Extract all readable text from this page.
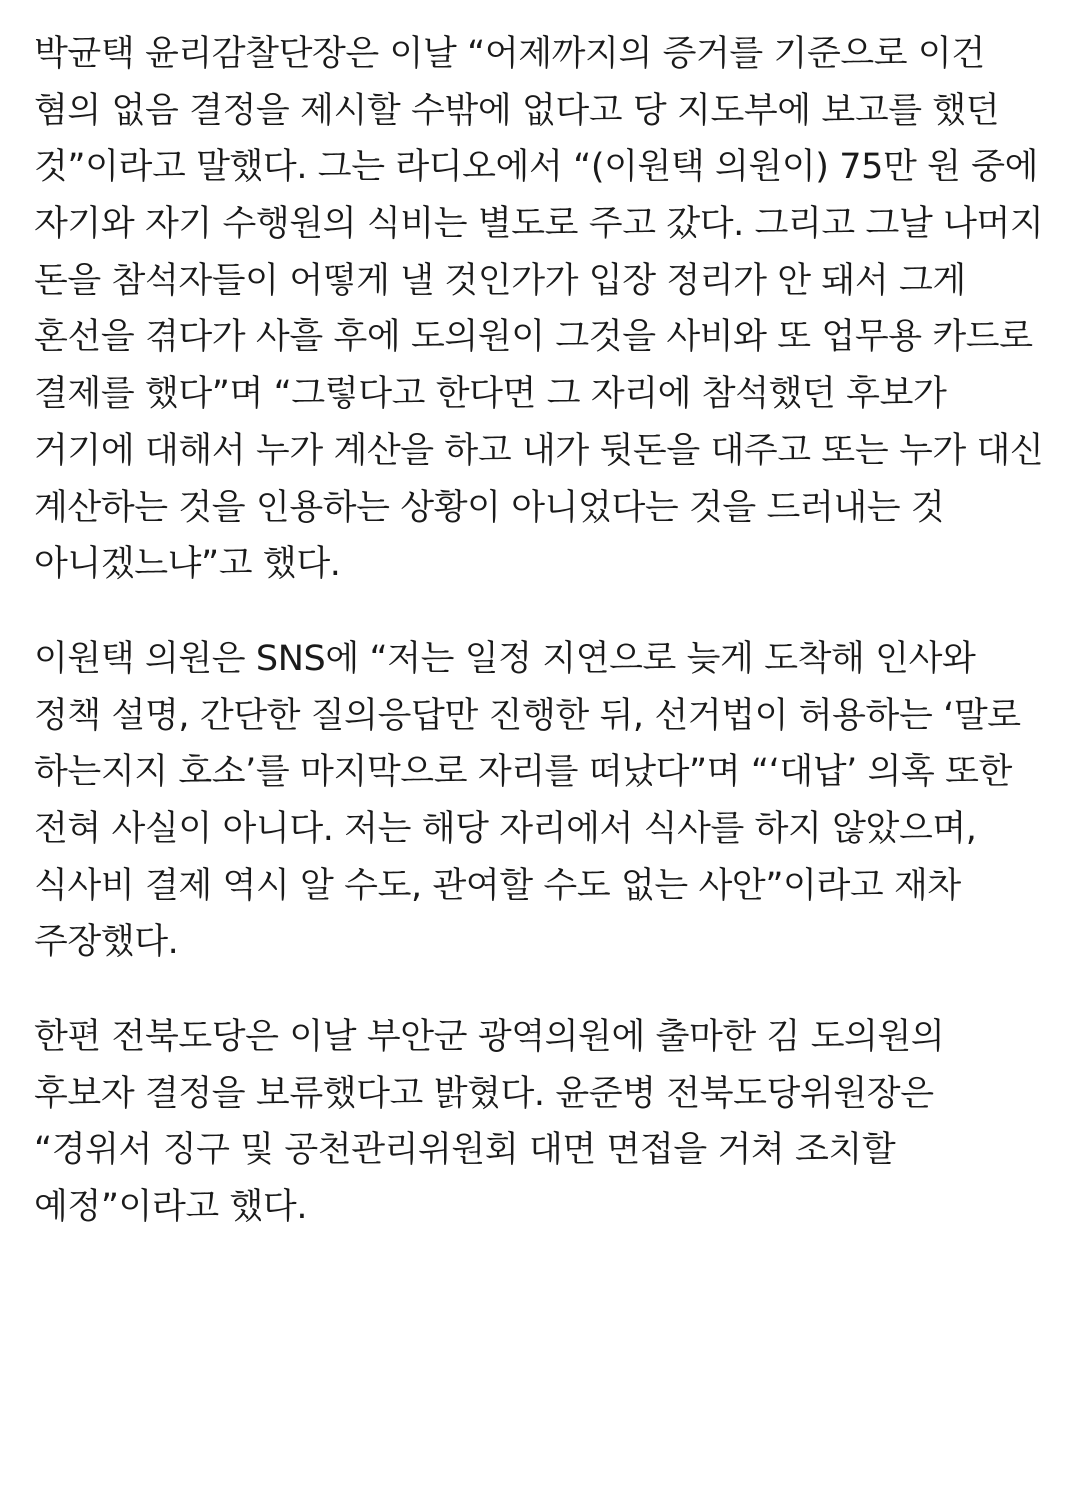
박균택 윤리감찰단장은 이날 “어제까지의 증거를 기준으로 이건 혐의 없음 결정을 제시할 수밖에 없다고 당 지도부에 보고를 했던 것”이라고 말했다. 그는 라디오에서 “(이원택 의원이) 75만 원 중에 자기와 자기 수행원의 식비는 별도로 주고 갔다. 그리고 그날 나머지 돈을 참석자들이 어떻게 낼 것인가가 입장 정리가 안 돼서 그게 혼선을 겪다가 사흘 후에 도의원이 그것을 사비와 또 업무용 카드로 결제를 했다”며 “그렇다고 한다면 그 자리에 참석했던 후보가 거기에 대해서 누가 계산을 하고 내가 뒷돈을 대주고 또는 누가 대신 계산하는 것을 인용하는 상황이 아니었다는 것을 드러내는 것 아니겠느냐”고 했다.

이원택 의원은 SNS에 “저는 일정 지연으로 늦게 도착해 인사와 정책 설명, 간단한 질의응답만 진행한 뒤, 선거법이 허용하는 ‘말로 하는지지 호소’를 마지막으로 자리를 떠났다”며 “‘대납’ 의혹 또한 전혀 사실이 아니다. 저는 해당 자리에서 식사를 하지 않았으며, 식사비 결제 역시 알 수도, 관여할 수도 없는 사안”이라고 재차 주장했다.

한편 전북도당은 이날 부안군 광역의원에 출마한 김 도의원의 후보자 결정을 보류했다고 밝혔다. 윤준병 전북도당위원장은 “경위서 징구 및 공천관리위원회 대면 면접을 거쳐 조치할 예정”이라고 했다.
